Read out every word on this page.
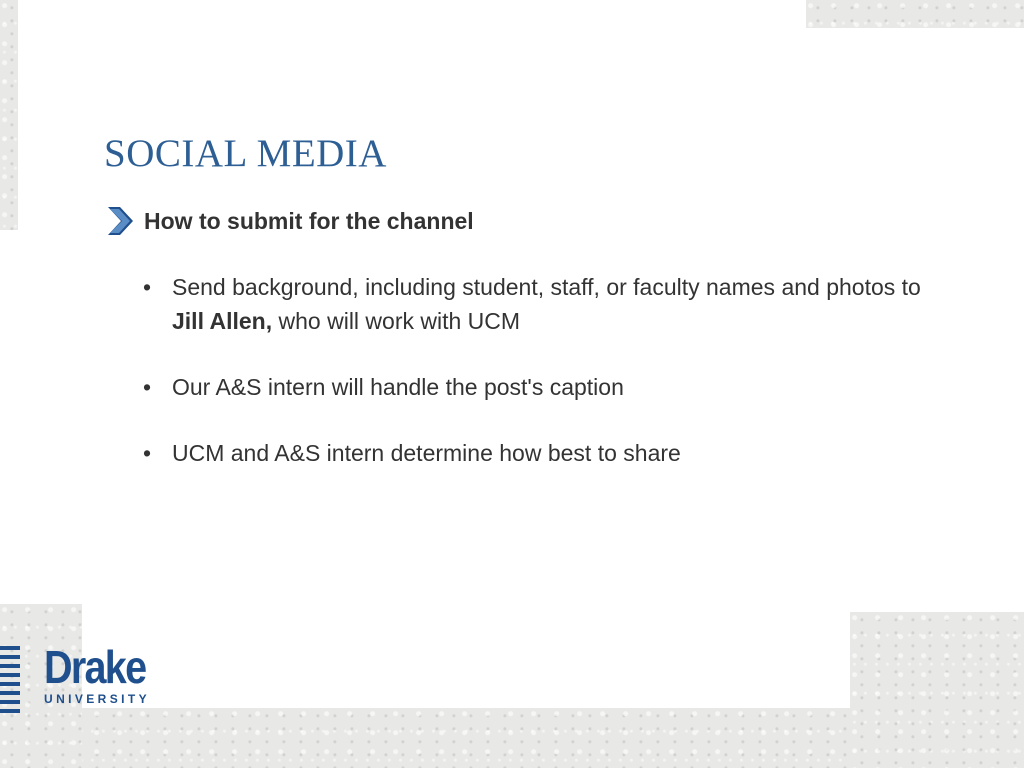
SOCIAL MEDIA
How to submit for the channel
• Send background, including student, staff, or faculty names and photos to Jill Allen, who will work with UCM
• Our A&S intern will handle the post's caption
• UCM and A&S intern determine how best to share
Drake
UNIVERSITY
